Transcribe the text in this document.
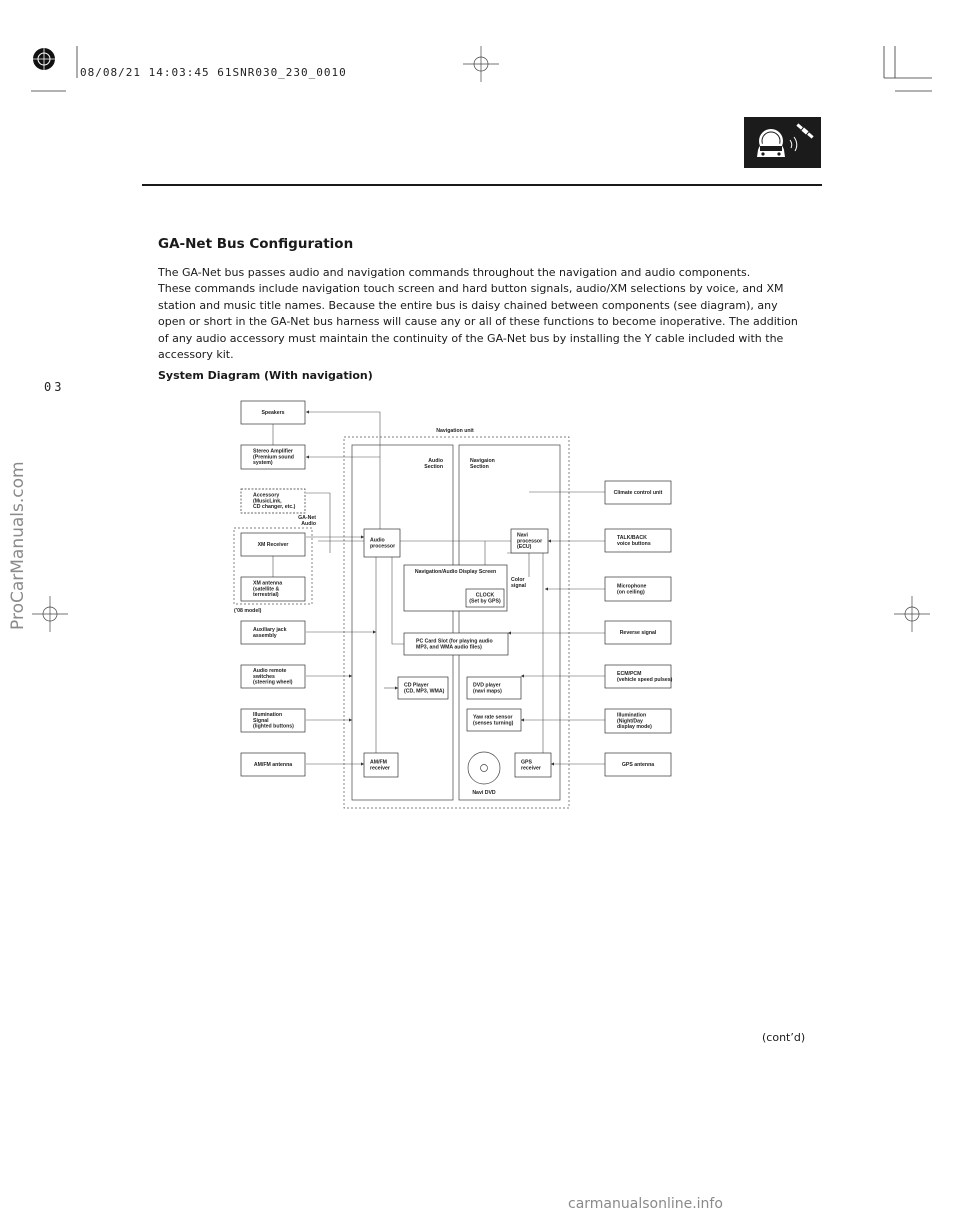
Speakers
Stereo Amplifier
(Premium sound
system)
Accessory
(MusicLink,
CD changer, etc.)
XM Receiver
XM antenna
(satellite &
terrestrial)
Auxiliary jack
assembly
Audio remote
switches
(steering wheel)
Illumination
Signal
(lighted buttons)
AM/FM antenna
Audio
processor
Navigation/Audio Display Screen
CLOCK
(Set by GPS)
PC Card Slot (for playing audio
MP3, and WMA audio files)
CD Player
(CD, MP3, WMA)
AM/FM
receiver
Navi
processor
(ECU)
DVD player
(navi maps)
Yaw rate sensor
(senses turning)
GPS
receiver
Climate control unit
TALK/BACK
voice buttons
Microphone
(on ceiling)
Reverse signal
ECM/PCM
(vehicle speed pulses)
Illumination
(Night/Day
display mode)
GPS antenna
Navigation unit
Audio
Section
Navigaion
Section
GA-Net
Audio
Color
signal
(’08 model)
Navi DVD
08/08/21 14:03:45 61SNR030_230_0010
ProCarManuals.com
03
GA-Net Bus Configuration

The GA-Net bus passes audio and navigation commands throughout the navigation and audio components.

These commands include navigation touch screen and hard button signals, audio/XM selections by voice, and XM station and music title names. Because the entire bus is daisy chained between components (see diagram), any open or short in the GA-Net bus harness will cause any or all of these functions to become inoperative. The addition of any audio accessory must maintain the continuity of the GA-Net bus by installing the Y cable included with the accessory kit.

System Diagram (With navigation)
(cont’d)
carmanualsonline.info
